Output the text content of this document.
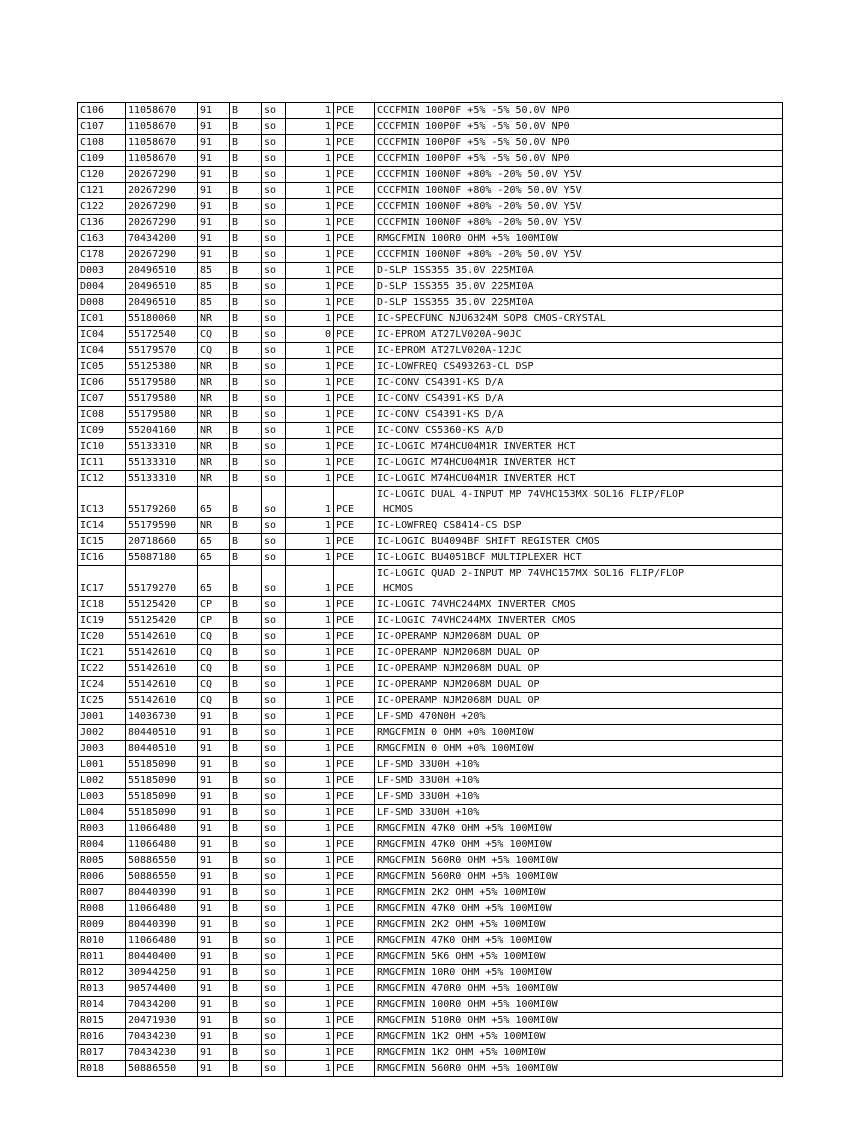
C106	11058670	91	B	so	1	PCE	CCCFMIN 100P0F +5% -5% 50.0V NP0
C107	11058670	91	B	so	1	PCE	CCCFMIN 100P0F +5% -5% 50.0V NP0
C108	11058670	91	B	so	1	PCE	CCCFMIN 100P0F +5% -5% 50.0V NP0
C109	11058670	91	B	so	1	PCE	CCCFMIN 100P0F +5% -5% 50.0V NP0
C120	20267290	91	B	so	1	PCE	CCCFMIN 100N0F +80% -20% 50.0V Y5V
C121	20267290	91	B	so	1	PCE	CCCFMIN 100N0F +80% -20% 50.0V Y5V
C122	20267290	91	B	so	1	PCE	CCCFMIN 100N0F +80% -20% 50.0V Y5V
C136	20267290	91	B	so	1	PCE	CCCFMIN 100N0F +80% -20% 50.0V Y5V
C163	70434200	91	B	so	1	PCE	RMGCFMIN 100R0 OHM +5% 100MI0W
C178	20267290	91	B	so	1	PCE	CCCFMIN 100N0F +80% -20% 50.0V Y5V
D003	20496510	85	B	so	1	PCE	D-SLP 1SS355 35.0V 225MI0A
D004	20496510	85	B	so	1	PCE	D-SLP 1SS355 35.0V 225MI0A
D008	20496510	85	B	so	1	PCE	D-SLP 1SS355 35.0V 225MI0A
IC01	55180060	NR	B	so	1	PCE	IC-SPECFUNC NJU6324M SOP8 CMOS-CRYSTAL
IC04	55172540	CQ	B	so	0	PCE	IC-EPROM AT27LV020A-90JC
IC04	55179570	CQ	B	so	1	PCE	IC-EPROM AT27LV020A-12JC
IC05	55125380	NR	B	so	1	PCE	IC-LOWFREQ CS493263-CL DSP
IC06	55179580	NR	B	so	1	PCE	IC-CONV CS4391-KS D/A
IC07	55179580	NR	B	so	1	PCE	IC-CONV CS4391-KS D/A
IC08	55179580	NR	B	so	1	PCE	IC-CONV CS4391-KS D/A
IC09	55204160	NR	B	so	1	PCE	IC-CONV CS5360-KS A/D
IC10	55133310	NR	B	so	1	PCE	IC-LOGIC M74HCU04M1R INVERTER HCT
IC11	55133310	NR	B	so	1	PCE	IC-LOGIC M74HCU04M1R INVERTER HCT
IC12	55133310	NR	B	so	1	PCE	IC-LOGIC M74HCU04M1R INVERTER HCT
IC13	55179260	65	B	so	1	PCE	IC-LOGIC DUAL 4-INPUT MP 74VHC153MX SOL16 FLIP/FLOP
HCMOS
IC14	55179590	NR	B	so	1	PCE	IC-LOWFREQ CS8414-CS DSP
IC15	20718660	65	B	so	1	PCE	IC-LOGIC BU4094BF SHIFT REGISTER CMOS
IC16	55087180	65	B	so	1	PCE	IC-LOGIC BU4051BCF MULTIPLEXER HCT
IC17	55179270	65	B	so	1	PCE	IC-LOGIC QUAD 2-INPUT MP 74VHC157MX SOL16 FLIP/FLOP
HCMOS
IC18	55125420	CP	B	so	1	PCE	IC-LOGIC 74VHC244MX INVERTER CMOS
IC19	55125420	CP	B	so	1	PCE	IC-LOGIC 74VHC244MX INVERTER CMOS
IC20	55142610	CQ	B	so	1	PCE	IC-OPERAMP NJM2068M DUAL OP
IC21	55142610	CQ	B	so	1	PCE	IC-OPERAMP NJM2068M DUAL OP
IC22	55142610	CQ	B	so	1	PCE	IC-OPERAMP NJM2068M DUAL OP
IC24	55142610	CQ	B	so	1	PCE	IC-OPERAMP NJM2068M DUAL OP
IC25	55142610	CQ	B	so	1	PCE	IC-OPERAMP NJM2068M DUAL OP
J001	14036730	91	B	so	1	PCE	LF-SMD 470N0H +20%
J002	80440510	91	B	so	1	PCE	RMGCFMIN 0 OHM +0% 100MI0W
J003	80440510	91	B	so	1	PCE	RMGCFMIN 0 OHM +0% 100MI0W
L001	55185090	91	B	so	1	PCE	LF-SMD 33U0H +10%
L002	55185090	91	B	so	1	PCE	LF-SMD 33U0H +10%
L003	55185090	91	B	so	1	PCE	LF-SMD 33U0H +10%
L004	55185090	91	B	so	1	PCE	LF-SMD 33U0H +10%
R003	11066480	91	B	so	1	PCE	RMGCFMIN 47K0 OHM +5% 100MI0W
R004	11066480	91	B	so	1	PCE	RMGCFMIN 47K0 OHM +5% 100MI0W
R005	50886550	91	B	so	1	PCE	RMGCFMIN 560R0 OHM +5% 100MI0W
R006	50886550	91	B	so	1	PCE	RMGCFMIN 560R0 OHM +5% 100MI0W
R007	80440390	91	B	so	1	PCE	RMGCFMIN 2K2 OHM +5% 100MI0W
R008	11066480	91	B	so	1	PCE	RMGCFMIN 47K0 OHM +5% 100MI0W
R009	80440390	91	B	so	1	PCE	RMGCFMIN 2K2 OHM +5% 100MI0W
R010	11066480	91	B	so	1	PCE	RMGCFMIN 47K0 OHM +5% 100MI0W
R011	80440400	91	B	so	1	PCE	RMGCFMIN 5K6 OHM +5% 100MI0W
R012	30944250	91	B	so	1	PCE	RMGCFMIN 10R0 OHM +5% 100MI0W
R013	90574400	91	B	so	1	PCE	RMGCFMIN 470R0 OHM +5% 100MI0W
R014	70434200	91	B	so	1	PCE	RMGCFMIN 100R0 OHM +5% 100MI0W
R015	20471930	91	B	so	1	PCE	RMGCFMIN 510R0 OHM +5% 100MI0W
R016	70434230	91	B	so	1	PCE	RMGCFMIN 1K2 OHM +5% 100MI0W
R017	70434230	91	B	so	1	PCE	RMGCFMIN 1K2 OHM +5% 100MI0W
R018	50886550	91	B	so	1	PCE	RMGCFMIN 560R0 OHM +5% 100MI0W
